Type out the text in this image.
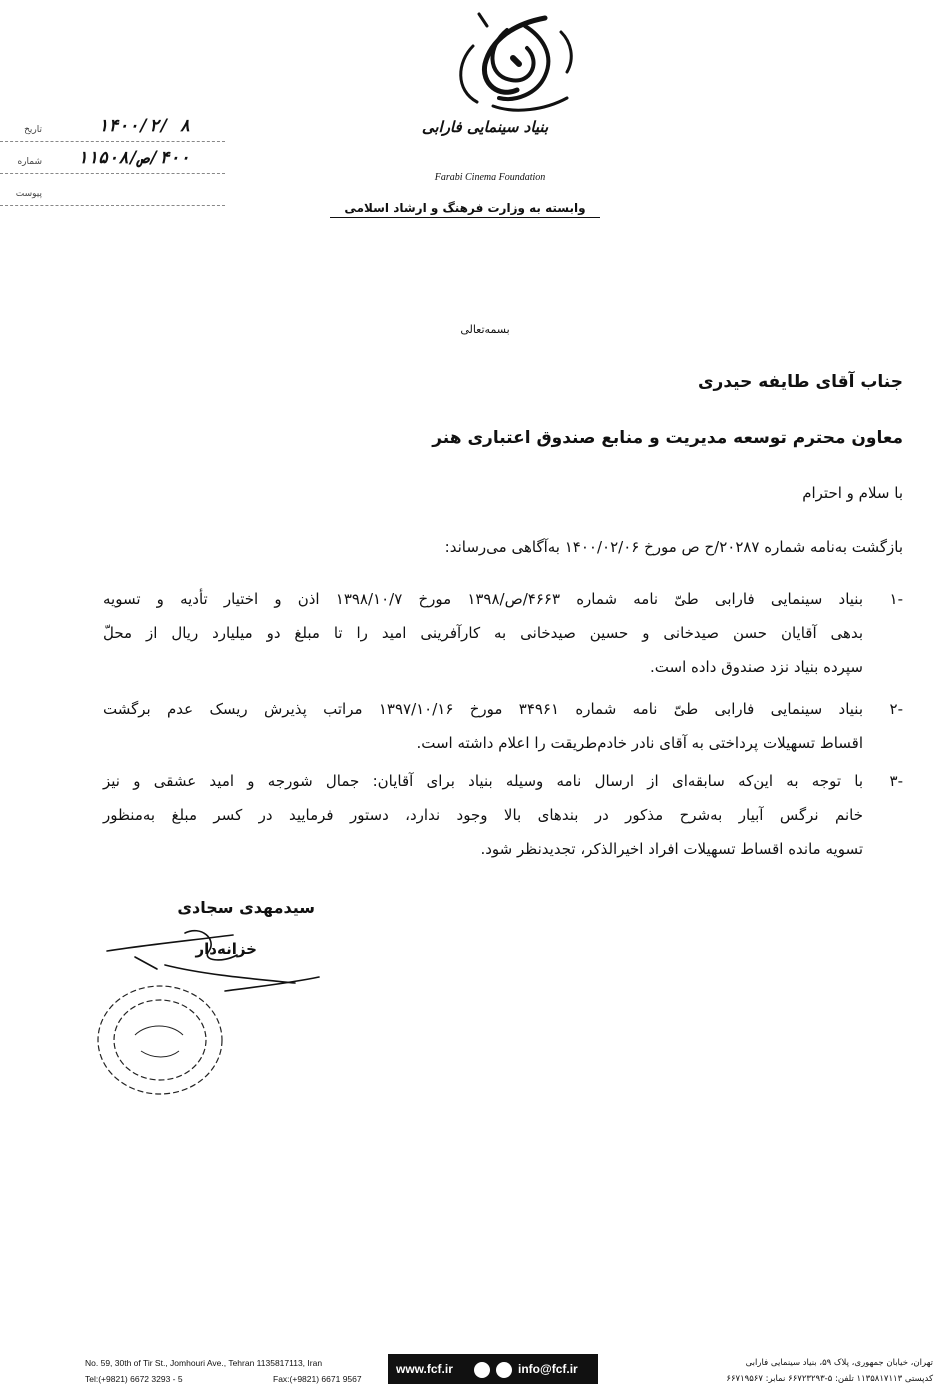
بنیاد سینمایی فارابی
Farabi Cinema Foundation
وابسته به وزارت فرهنگ و ارشاد اسلامی
۱۴۰۰/۲/ ۸
تاریخ
۴۰۰/ص/۱۱۵۰۸
شماره
پیوست
بسمه‌تعالی
جناب آقای طایفه حیدری
معاون محترم توسعه مدیریت و منابع صندوق اعتباری هنر
با سلام و احترام
بازگشت به‌نامه شماره ۲۰۲۸۷/ح ص مورخ ۱۴۰۰/۰۲/۰۶ به‌آگاهی می‌رساند:
۱-
بنیاد سینمایی فارابی طیّ نامه شماره ۴۶۶۳/ص/۱۳۹۸ مورخ ۱۳۹۸/۱۰/۷ اذن و اختیار تأدیه و تسویه
بدهی آقایان حسن صیدخانی و حسین صیدخانی به کارآفرینی امید را تا مبلغ دو میلیارد ریال از محلّ
سپرده بنیاد نزد صندوق داده است.
۲-
بنیاد سینمایی فارابی طیّ نامه شماره ۳۴۹۶۱ مورخ ۱۳۹۷/۱۰/۱۶ مراتب پذیرش ریسک عدم برگشت
اقساط تسهیلات پرداختی به آقای نادر خادم‌طریقت را اعلام داشته است.
۳-
با توجه به این‌که سابقه‌ای از ارسال نامه وسیله بنیاد برای آقایان: جمال شورجه و امید عشقی و نیز
خانم نرگس آبیار به‌شرح مذکور در بندهای بالا وجود ندارد، دستور فرمایید در کسر مبلغ به‌منظور
تسویه مانده اقساط تسهیلات افراد اخیرالذکر، تجدیدنظر شود.
سیدمهدی سجادی
خزانه‌دار
No. 59, 30th of Tir St., Jomhouri Ave., Tehran 1135817113, Iran
Tel:(+9821) 6672 3293 - 5	Fax:(+9821) 6671 9567
تهران، خیابان جمهوری، پلاک ۵۹، بنیاد سینمایی فارابی
کدپستی ۱۱۳۵۸۱۷۱۱۳ تلفن: ۵-۶۶۷۲۳۲۹۳ نمابر: ۶۶۷۱۹۵۶۷
www.fcf.ir	info@fcf.ir
